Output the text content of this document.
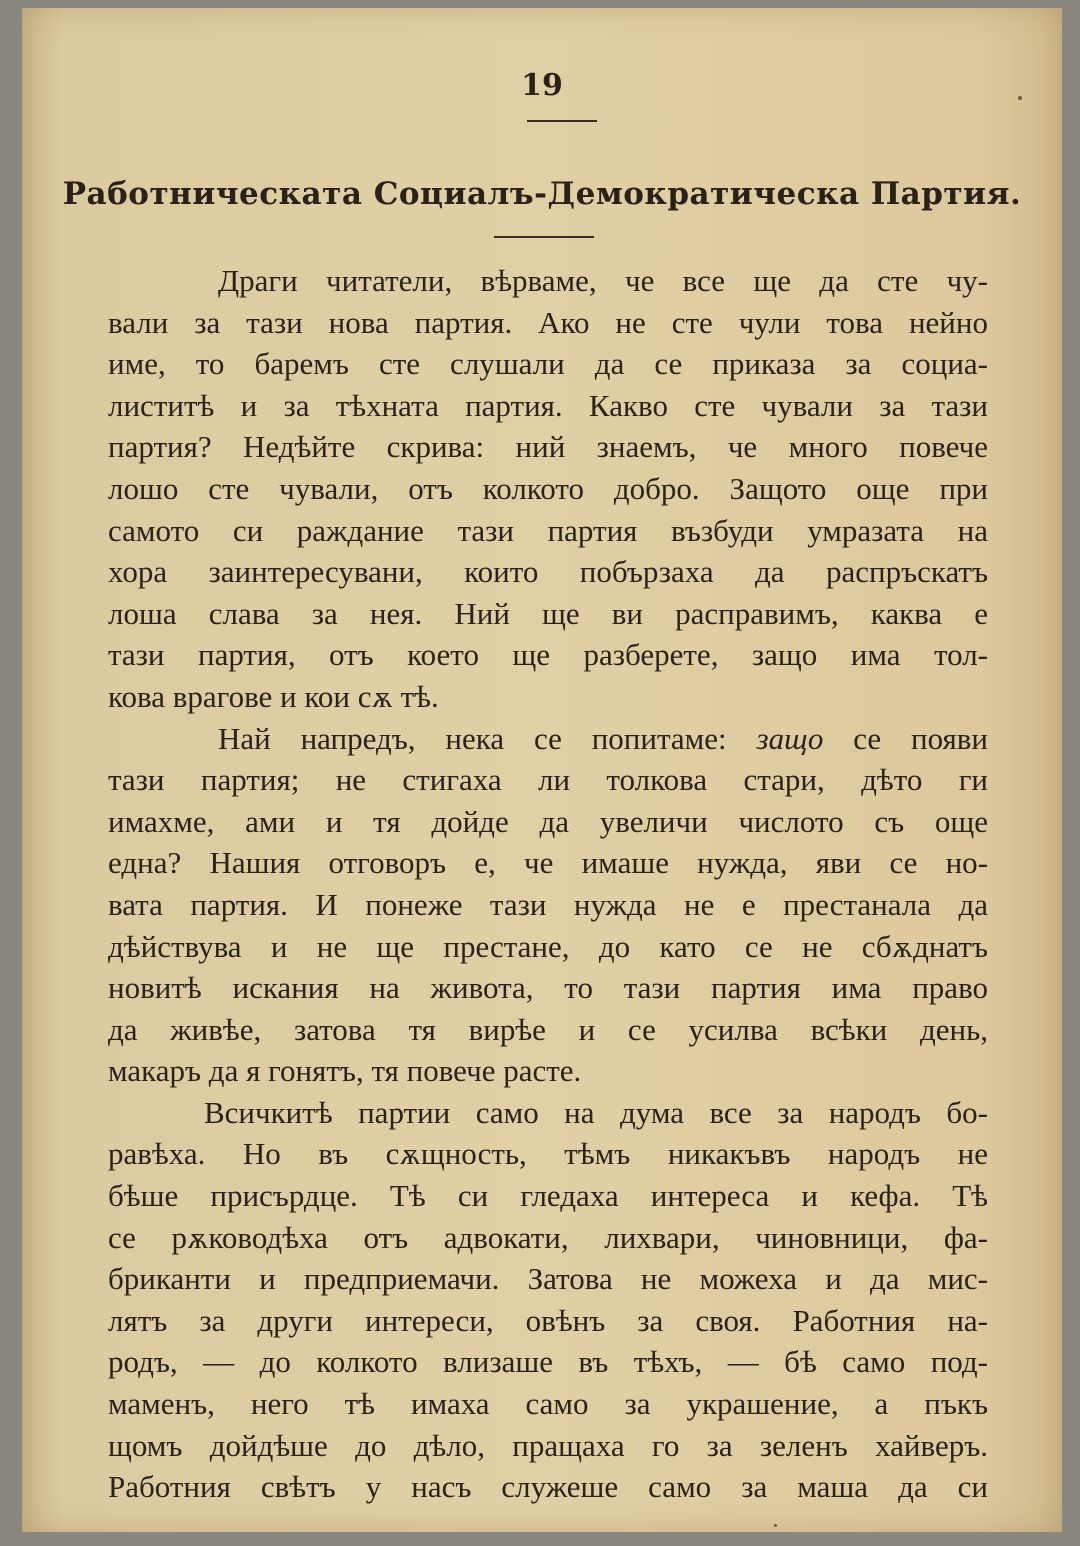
19
Работническата Социалъ-Демократическа Партия.
Драги читатели, вѣрваме, че все ще да сте чу-
вали за тази нова партия. Ако не сте чули това нейно
име, то баремъ сте слушали да се приказа за социа-
листитѣ и за тѣхната партия. Какво сте чували за тази
партия? Недѣйте скрива: ний знаемъ, че много повече
лошо сте чували, отъ колкото добро. Защото още при
самото си раждание тази партия възбуди умразата на
хора заинтересувани, които побързаха да распръскатъ
лоша слава за нея. Ний ще ви расправимъ, каква е
тази партия, отъ което ще разберете, защо има тол-
кова врагове и кои сѫ тѣ.
Най напредъ, нека се попитаме: защо се появи
тази партия; не стигаха ли толкова стари, дѣто ги
имахме, ами и тя дойде да увеличи числото съ още
една? Нашия отговоръ е, че имаше нужда, яви се но-
вата партия. И понеже тази нужда не е престанала да
дѣйствува и не ще престане, до като се не сбѫднатъ
новитѣ искания на живота, то тази партия има право
да живѣе, затова тя вирѣе и се усилва всѣки день,
макаръ да я гонятъ, тя повече расте.
Всичкитѣ партии само на дума все за народъ бо-
равѣха. Но въ сѫщность, тѣмъ никакъвъ народъ не
бѣше присърдце. Тѣ си гледаха интереса и кефа. Тѣ
се рѫководѣха отъ адвокати, лихвари, чиновници, фа-
бриканти и предприемачи. Затова не можеха и да мис-
лятъ за други интереси, овѣнъ за своя. Работния на-
родъ, — до колкото влизаше въ тѣхъ, — бѣ само под-
маменъ, него тѣ имаха само за украшение, а пъкъ
щомъ дойдѣше до дѣло, пращаха го за зеленъ хайверъ.
Работния свѣтъ у насъ служеше само за маша да си
